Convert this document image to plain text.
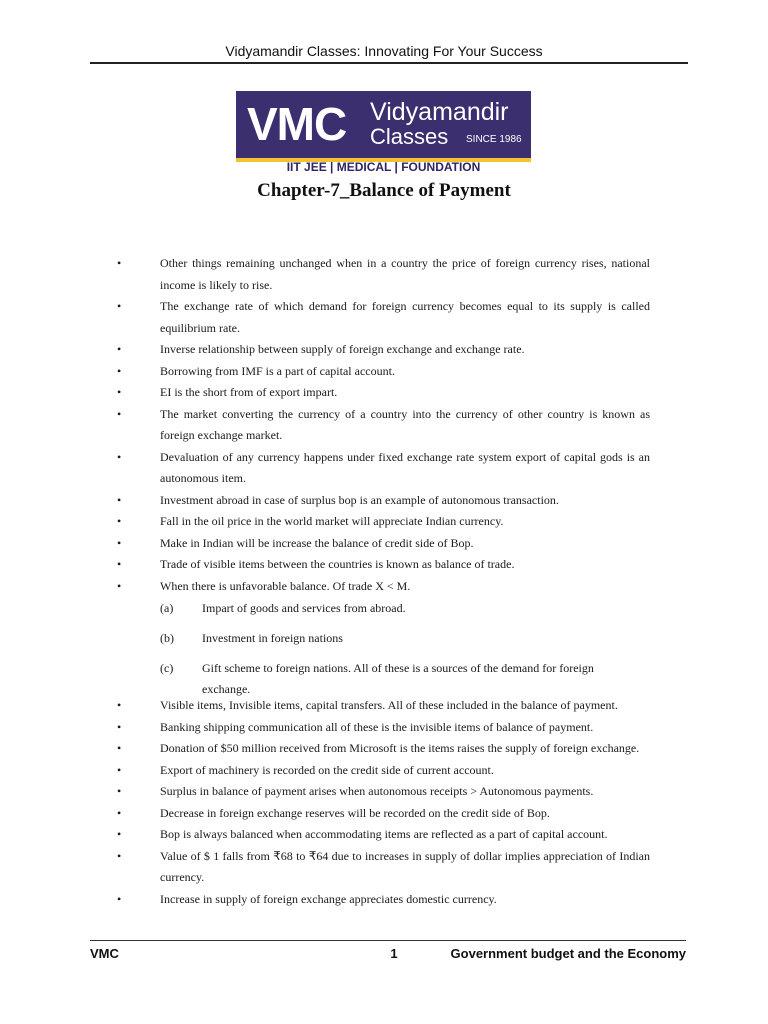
Vidyamandir Classes: Innovating For Your Success
VMC Vidyamandir
Classes SINCE 1986
IIT JEE | MEDICAL | FOUNDATION
Chapter-7_Balance of Payment
•	Other things remaining unchanged when in a country the price of foreign currency rises, national income is likely to rise.
•	The exchange rate of which demand for foreign currency becomes equal to its supply is called equilibrium rate.
•	Inverse relationship between supply of foreign exchange and exchange rate.
•	Borrowing from IMF is a part of capital account.
•	EI is the short from of export impart.
•	The market converting the currency of a country into the currency of other country is known as foreign exchange market.
•	Devaluation of any currency happens under fixed exchange rate system export of capital gods is an autonomous item.
•	Investment abroad in case of surplus bop is an example of autonomous transaction.
•	Fall in the oil price in the world market will appreciate Indian currency.
•	Make in Indian will be increase the balance of credit side of Bop.
•	Trade of visible items between the countries is known as balance of trade.
•	When there is unfavorable balance. Of trade X < M.
(a) Impart of goods and services from abroad.
(b) Investment in foreign nations
(c) Gift scheme to foreign nations. All of these is a sources of the demand for foreign exchange.
•	Visible items, Invisible items, capital transfers. All of these included in the balance of payment.
•	Banking shipping communication all of these is the invisible items of balance of payment.
•	Donation of $50 million received from Microsoft is the items raises the supply of foreign exchange.
•	Export of machinery is recorded on the credit side of current account.
•	Surplus in balance of payment arises when autonomous receipts > Autonomous payments.
•	Decrease in foreign exchange reserves will be recorded on the credit side of Bop.
•	Bop is always balanced when accommodating items are reflected as a part of capital account.
•	Value of $ 1 falls from ₹68 to ₹64 due to increases in supply of dollar implies appreciation of Indian currency.
•	Increase in supply of foreign exchange appreciates domestic currency.
VMC	1	Government budget and the Economy
